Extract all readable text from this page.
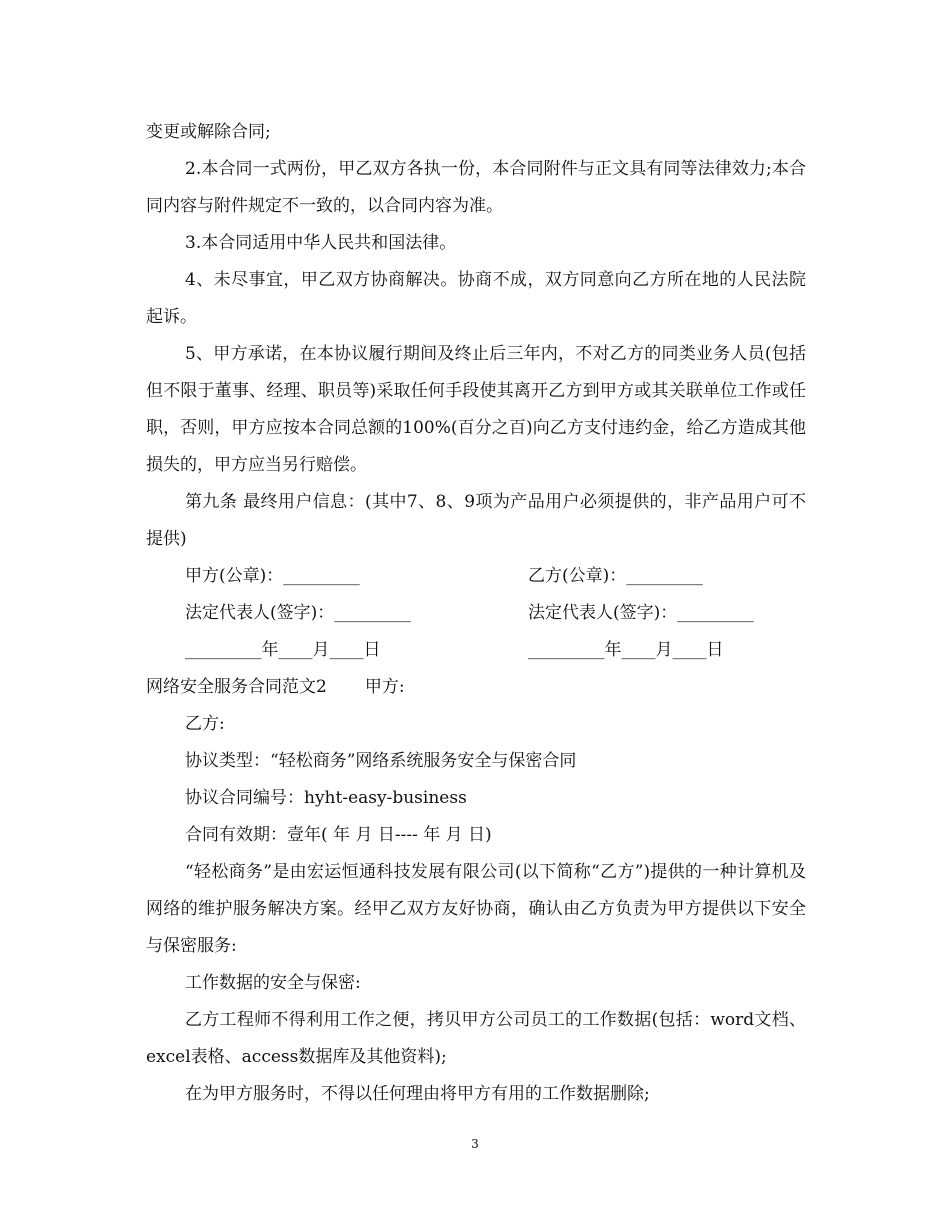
变更或解除合同;

2.本合同一式两份，甲乙双方各执一份，本合同附件与正文具有同等法律效力;本合同内容与附件规定不一致的，以合同内容为准。

3.本合同适用中华人民共和国法律。

4、未尽事宜，甲乙双方协商解决。协商不成，双方同意向乙方所在地的人民法院起诉。

5、甲方承诺，在本协议履行期间及终止后三年内，不对乙方的同类业务人员(包括但不限于董事、经理、职员等)采取任何手段使其离开乙方到甲方或其关联单位工作或任职，否则，甲方应按本合同总额的100%(百分之百)向乙方支付违约金，给乙方造成其他损失的，甲方应当另行赔偿。

第九条 最终用户信息：(其中7、8、9项为产品用户必须提供的，非产品用户可不提供)

甲方(公章)：_________	乙方(公章)：_________
法定代表人(签字)：_________	法定代表人(签字)：_________
_________年____月____日	_________年____月____日
网络安全服务合同范文2 甲方:

乙方:

协议类型：“轻松商务”网络系统服务安全与保密合同

协议合同编号：hyht-easy-business

合同有效期：壹年( 年 月 日---- 年 月 日)

“轻松商务”是由宏运恒通科技发展有限公司(以下简称“乙方”)提供的一种计算机及网络的维护服务解决方案。经甲乙双方友好协商，确认由乙方负责为甲方提供以下安全与保密服务:

工作数据的安全与保密:

乙方工程师不得利用工作之便，拷贝甲方公司员工的工作数据(包括：word文档、excel表格、access数据库及其他资料);

在为甲方服务时，不得以任何理由将甲方有用的工作数据删除;

3
